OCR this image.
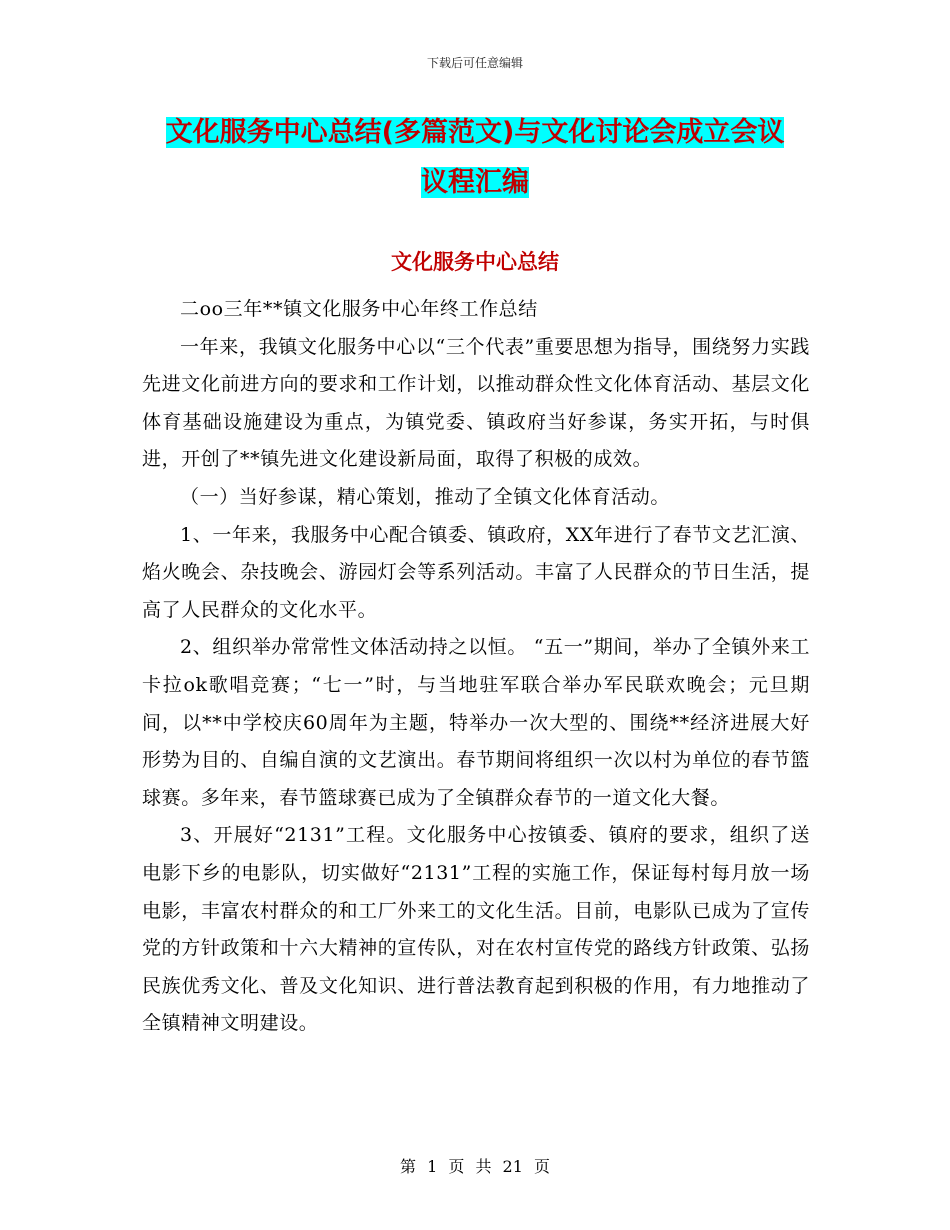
下载后可任意编辑
文化服务中心总结(多篇范文)与文化讨论会成立会议
议程汇编
文化服务中心总结

二oo三年**镇文化服务中心年终工作总结

一年来，我镇文化服务中心以“三个代表”重要思想为指导，围绕努力实践先进文化前进方向的要求和工作计划，以推动群众性文化体育活动、基层文化体育基础设施建设为重点，为镇党委、镇政府当好参谋，务实开拓，与时俱进，开创了**镇先进文化建设新局面，取得了积极的成效。

（一）当好参谋，精心策划，推动了全镇文化体育活动。

1、一年来，我服务中心配合镇委、镇政府，XX年进行了春节文艺汇演、焰火晚会、杂技晚会、游园灯会等系列活动。丰富了人民群众的节日生活，提高了人民群众的文化水平。

2、组织举办常常性文体活动持之以恒。 “五一”期间，举办了全镇外来工卡拉ok歌唱竞赛；“七一”时，与当地驻军联合举办军民联欢晚会；元旦期间，以**中学校庆60周年为主题，特举办一次大型的、围绕**经济进展大好形势为目的、自编自演的文艺演出。春节期间将组织一次以村为单位的春节篮球赛。多年来，春节篮球赛已成为了全镇群众春节的一道文化大餐。

3、开展好“2131”工程。文化服务中心按镇委、镇府的要求，组织了送电影下乡的电影队，切实做好“2131”工程的实施工作，保证每村每月放一场电影，丰富农村群众的和工厂外来工的文化生活。目前，电影队已成为了宣传党的方针政策和十六大精神的宣传队，对在农村宣传党的路线方针政策、弘扬民族优秀文化、普及文化知识、进行普法教育起到积极的作用，有力地推动了全镇精神文明建设。

第 1 页 共 21 页
